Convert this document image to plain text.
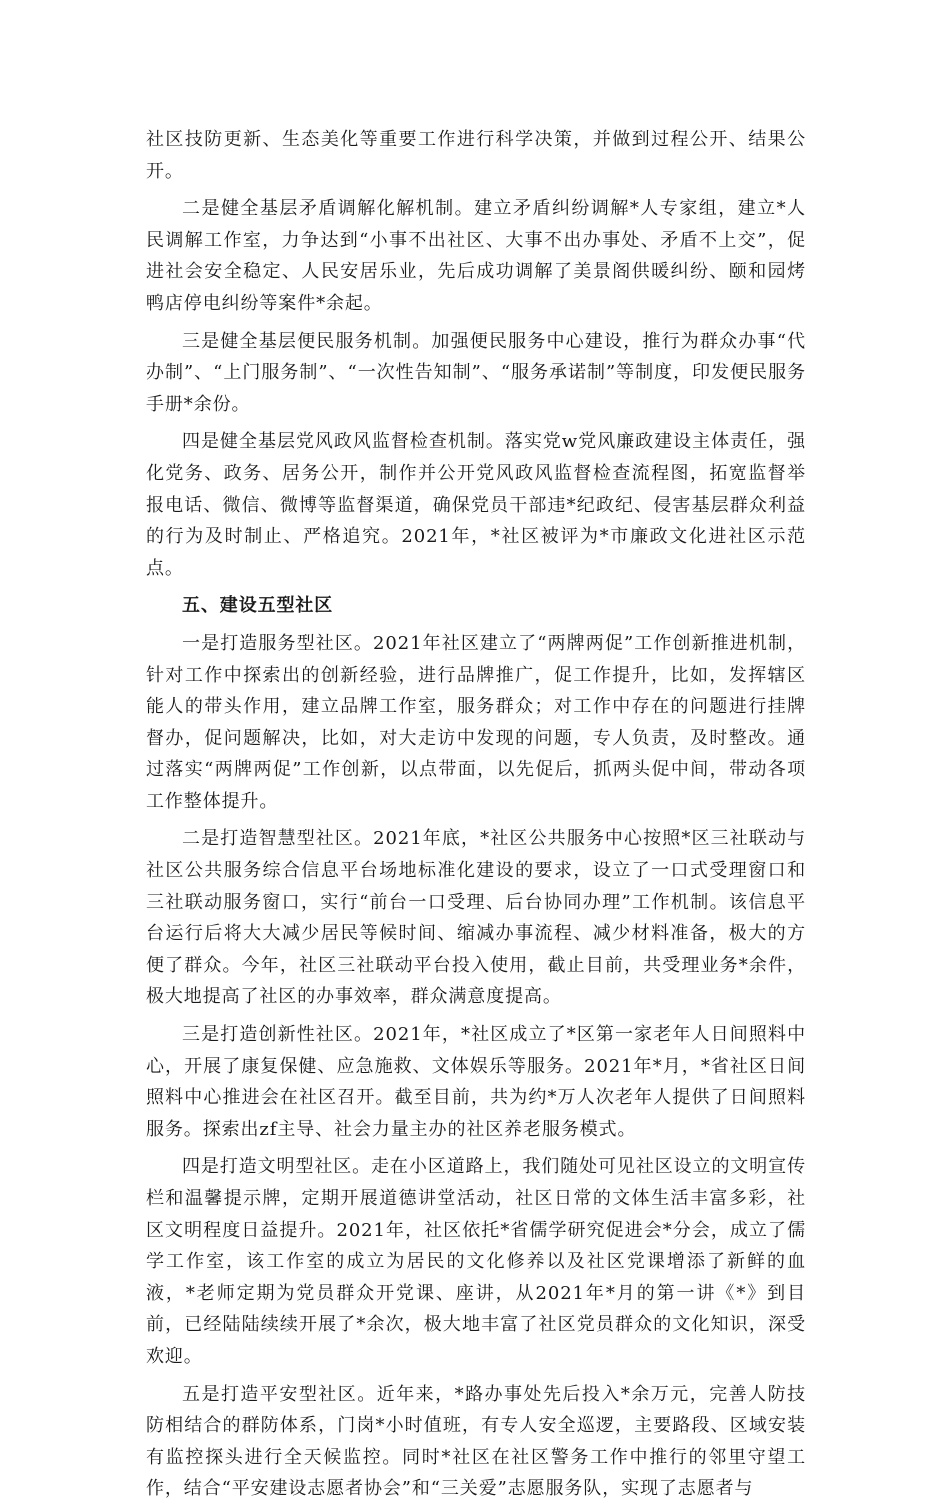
社区技防更新、生态美化等重要工作进行科学决策，并做到过程公开、结果公开。

二是健全基层矛盾调解化解机制。建立矛盾纠纷调解*人专家组，建立*人民调解工作室，力争达到“小事不出社区、大事不出办事处、矛盾不上交”，促进社会安全稳定、人民安居乐业，先后成功调解了美景阁供暖纠纷、颐和园烤鸭店停电纠纷等案件*余起。

三是健全基层便民服务机制。加强便民服务中心建设，推行为群众办事“代办制”、“上门服务制”、“一次性告知制”、“服务承诺制”等制度，印发便民服务手册*余份。

四是健全基层党风政风监督检查机制。落实党w党风廉政建设主体责任，强化党务、政务、居务公开，制作并公开党风政风监督检查流程图，拓宽监督举报电话、微信、微博等监督渠道，确保党员干部违*纪政纪、侵害基层群众利益的行为及时制止、严格追究。2021年，*社区被评为*市廉政文化进社区示范点。

五、建设五型社区

一是打造服务型社区。2021年社区建立了“两牌两促”工作创新推进机制，针对工作中探索出的创新经验，进行品牌推广，促工作提升，比如，发挥辖区能人的带头作用，建立品牌工作室，服务群众；对工作中存在的问题进行挂牌督办，促问题解决，比如，对大走访中发现的问题，专人负责，及时整改。通过落实“两牌两促”工作创新，以点带面，以先促后，抓两头促中间，带动各项工作整体提升。

二是打造智慧型社区。2021年底，*社区公共服务中心按照*区三社联动与社区公共服务综合信息平台场地标准化建设的要求，设立了一口式受理窗口和三社联动服务窗口，实行“前台一口受理、后台协同办理”工作机制。该信息平台运行后将大大减少居民等候时间、缩减办事流程、减少材料准备，极大的方便了群众。今年，社区三社联动平台投入使用，截止目前，共受理业务*余件，极大地提高了社区的办事效率，群众满意度提高。

三是打造创新性社区。2021年，*社区成立了*区第一家老年人日间照料中心，开展了康复保健、应急施救、文体娱乐等服务。2021年*月，*省社区日间照料中心推进会在社区召开。截至目前，共为约*万人次老年人提供了日间照料服务。探索出zf主导、社会力量主办的社区养老服务模式。

四是打造文明型社区。走在小区道路上，我们随处可见社区设立的文明宣传栏和温馨提示牌，定期开展道德讲堂活动，社区日常的文体生活丰富多彩，社区文明程度日益提升。2021年，社区依托*省儒学研究促进会*分会，成立了儒学工作室，该工作室的成立为居民的文化修养以及社区党课增添了新鲜的血液，*老师定期为党员群众开党课、座讲，从2021年*月的第一讲《*》到目前，已经陆陆续续开展了*余次，极大地丰富了社区党员群众的文化知识，深受欢迎。

五是打造平安型社区。近年来，*路办事处先后投入*余万元，完善人防技防相结合的群防体系，门岗*小时值班，有专人安全巡逻，主要路段、区域安装有监控探头进行全天候监控。同时*社区在社区警务工作中推行的邻里守望工作，结合“平安建设志愿者协会”和“三关爱”志愿服务队，实现了志愿者与
